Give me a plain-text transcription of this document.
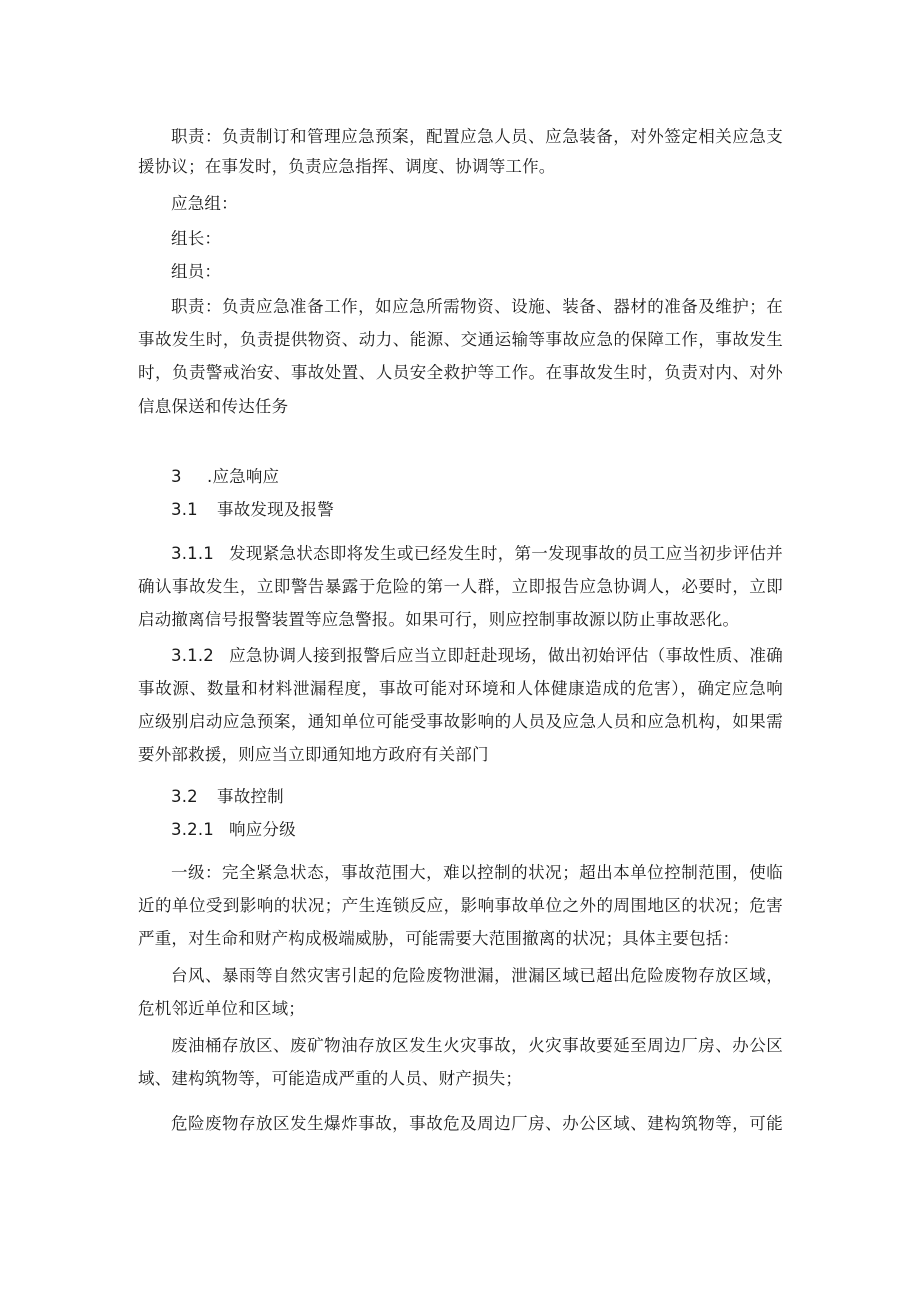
职责：负责制订和管理应急预案，配置应急人员、应急装备，对外签定相关应急支
援协议；在事发时，负责应急指挥、调度、协调等工作。
应急组：
组长：
组员：
职责：负责应急准备工作，如应急所需物资、设施、装备、器材的准备及维护；在
事故发生时，负责提供物资、动力、能源、交通运输等事故应急的保障工作，事故发生
时，负责警戒治安、事故处置、人员安全救护等工作。在事故发生时，负责对内、对外
信息保送和传达任务
3 .应急响应
3.1 事故发现及报警
3.1.1 发现紧急状态即将发生或已经发生时，第一发现事故的员工应当初步评估并
确认事故发生，立即警告暴露于危险的第一人群，立即报告应急协调人，必要时，立即
启动撤离信号报警装置等应急警报。如果可行，则应控制事故源以防止事故恶化。
3.1.2 应急协调人接到报警后应当立即赶赴现场，做出初始评估（事故性质、准确
事故源、数量和材料泄漏程度，事故可能对环境和人体健康造成的危害），确定应急响
应级别启动应急预案，通知单位可能受事故影响的人员及应急人员和应急机构，如果需
要外部救援，则应当立即通知地方政府有关部门
3.2 事故控制
3.2.1 响应分级
一级：完全紧急状态，事故范围大，难以控制的状况；超出本单位控制范围，使临
近的单位受到影响的状况；产生连锁反应，影响事故单位之外的周围地区的状况；危害
严重，对生命和财产构成极端威胁，可能需要大范围撤离的状况；具体主要包括：
台风、暴雨等自然灾害引起的危险废物泄漏，泄漏区域已超出危险废物存放区域，
危机邻近单位和区域；
废油桶存放区、废矿物油存放区发生火灾事故，火灾事故要延至周边厂房、办公区
域、建构筑物等，可能造成严重的人员、财产损失；
危险废物存放区发生爆炸事故，事故危及周边厂房、办公区域、建构筑物等，可能
